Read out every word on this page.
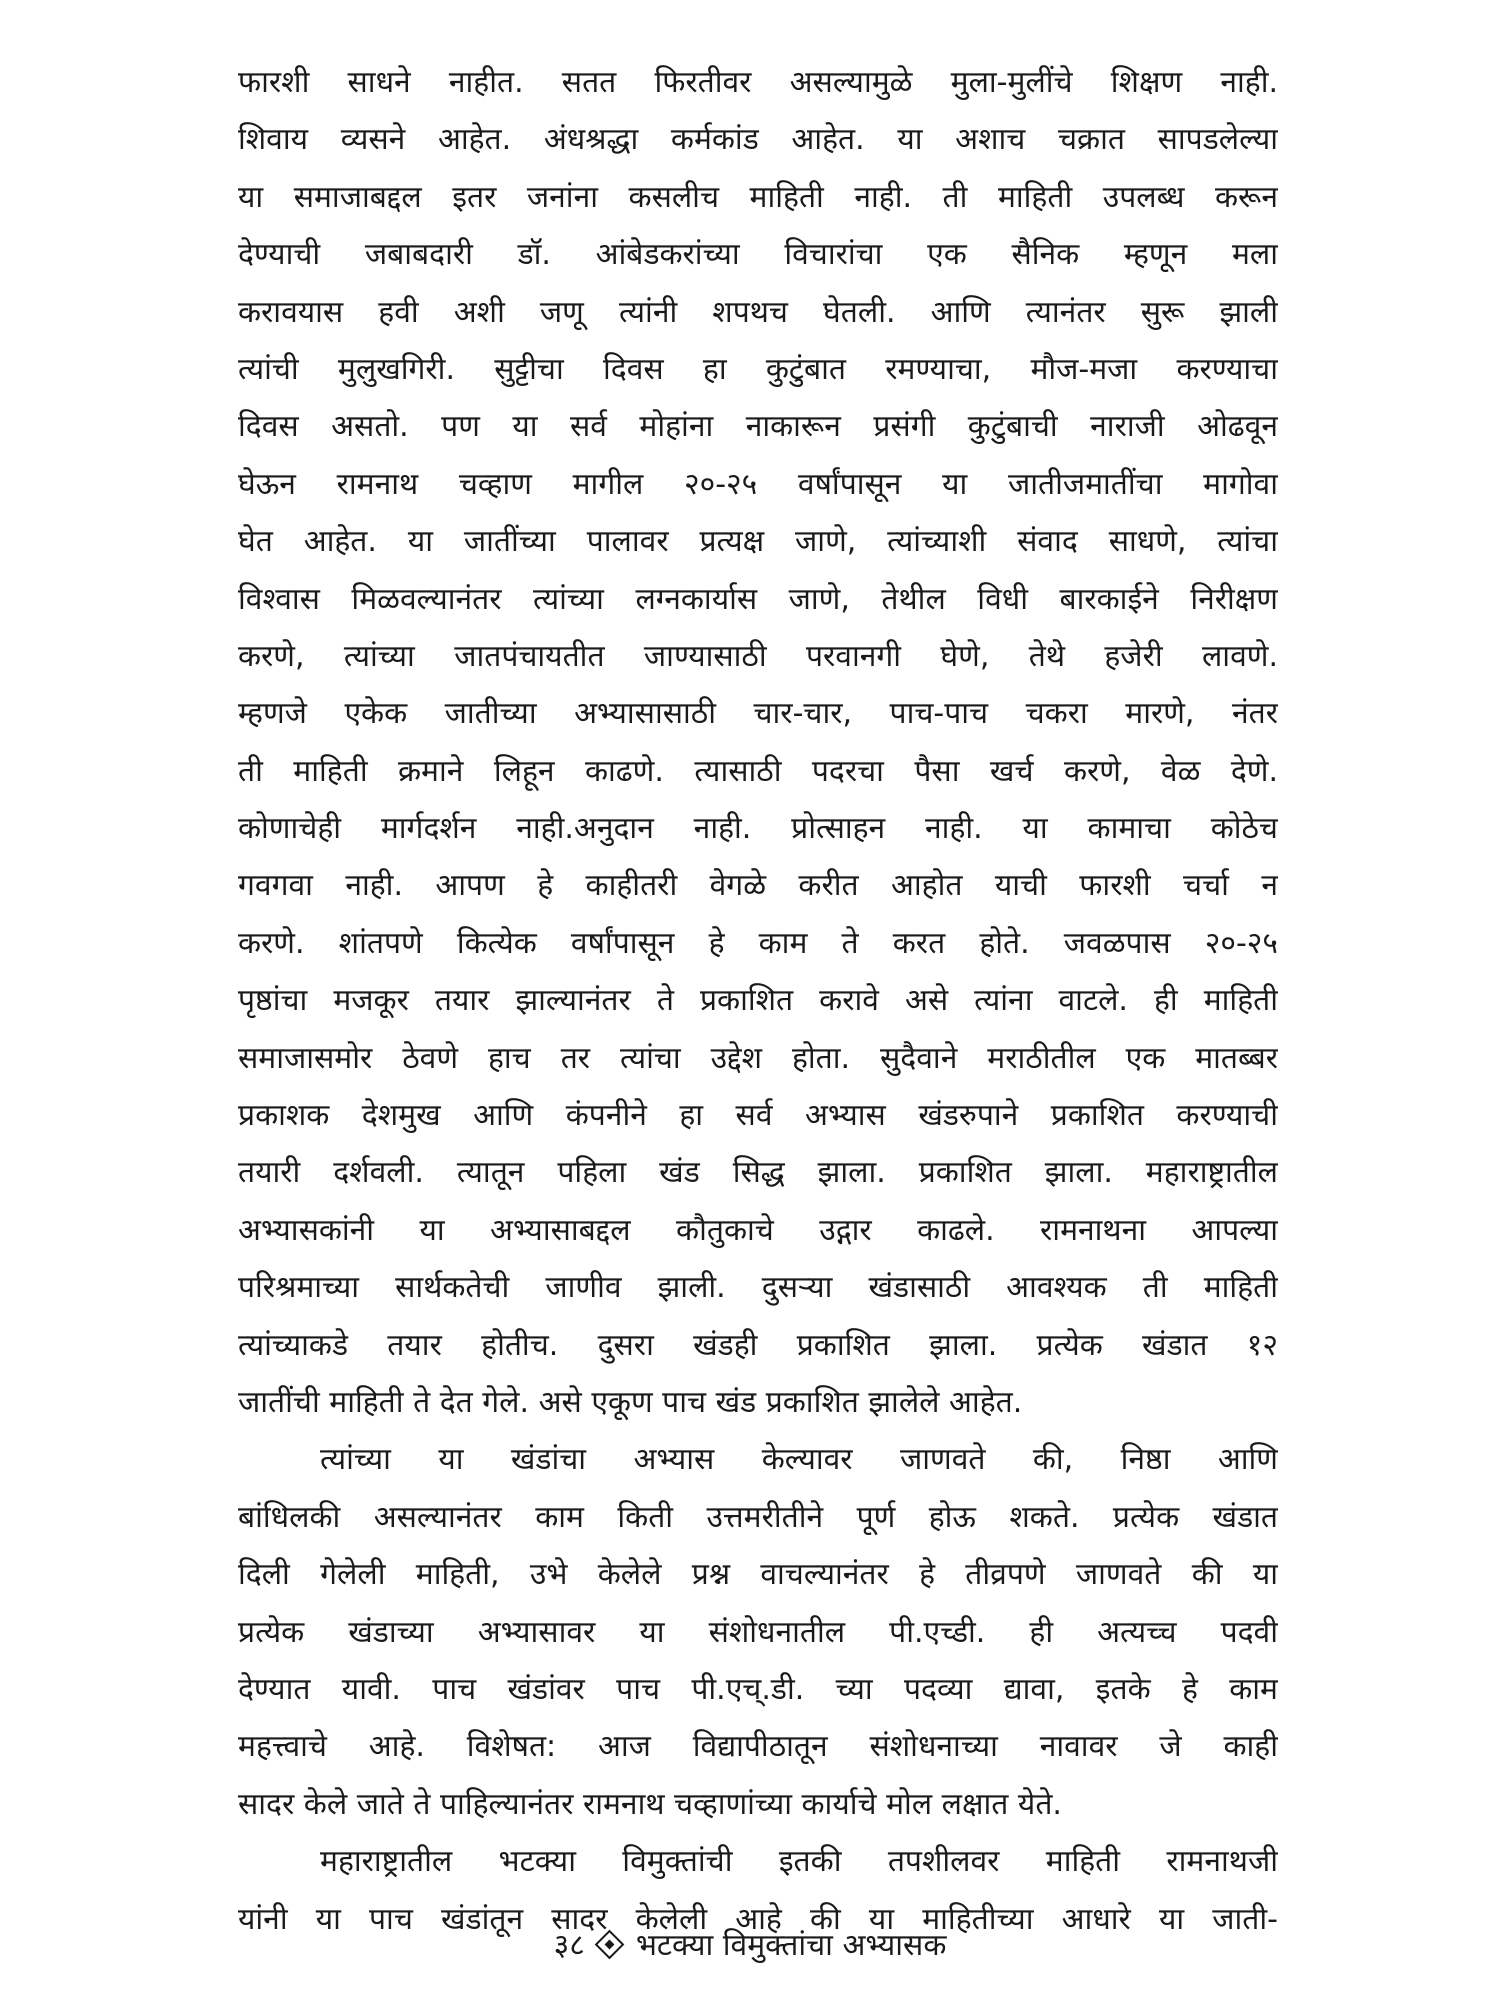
फारशी साधने नाहीत. सतत फिरतीवर असल्यामुळे मुला-मुलींचे शिक्षण नाही.
शिवाय व्यसने आहेत. अंधश्रद्धा कर्मकांड आहेत. या अशाच चक्रात सापडलेल्या
या समाजाबद्दल इतर जनांना कसलीच माहिती नाही. ती माहिती उपलब्ध करून
देण्याची जबाबदारी डॉ. आंबेडकरांच्या विचारांचा एक सैनिक म्हणून मला
करावयास हवी अशी जणू त्यांनी शपथच घेतली. आणि त्यानंतर सुरू झाली
त्यांची मुलुखगिरी. सुट्टीचा दिवस हा कुटुंबात रमण्याचा, मौज-मजा करण्याचा
दिवस असतो. पण या सर्व मोहांना नाकारून प्रसंगी कुटुंबाची नाराजी ओढवून
घेऊन रामनाथ चव्हाण मागील २०-२५ वर्षांपासून या जातीजमातींचा मागोवा
घेत आहेत. या जातींच्या पालावर प्रत्यक्ष जाणे, त्यांच्याशी संवाद साधणे, त्यांचा
विश्वास मिळवल्यानंतर त्यांच्या लग्नकार्यास जाणे, तेथील विधी बारकाईने निरीक्षण
करणे, त्यांच्या जातपंचायतीत जाण्यासाठी परवानगी घेणे, तेथे हजेरी लावणे.
म्हणजे एकेक जातीच्या अभ्यासासाठी चार-चार, पाच-पाच चकरा मारणे, नंतर
ती माहिती क्रमाने लिहून काढणे. त्यासाठी पदरचा पैसा खर्च करणे, वेळ देणे.
कोणाचेही मार्गदर्शन नाही.अनुदान नाही. प्रोत्साहन नाही. या कामाचा कोठेच
गवगवा नाही. आपण हे काहीतरी वेगळे करीत आहोत याची फारशी चर्चा न
करणे. शांतपणे कित्येक वर्षांपासून हे काम ते करत होते. जवळपास २०-२५
पृष्ठांचा मजकूर तयार झाल्यानंतर ते प्रकाशित करावे असे त्यांना वाटले. ही माहिती
समाजासमोर ठेवणे हाच तर त्यांचा उद्देश होता. सुदैवाने मराठीतील एक मातब्बर
प्रकाशक देशमुख आणि कंपनीने हा सर्व अभ्यास खंडरुपाने प्रकाशित करण्याची
तयारी दर्शवली. त्यातून पहिला खंड सिद्ध झाला. प्रकाशित झाला. महाराष्ट्रातील
अभ्यासकांनी या अभ्यासाबद्दल कौतुकाचे उद्गार काढले. रामनाथना आपल्या
परिश्रमाच्या सार्थकतेची जाणीव झाली. दुसऱ्या खंडासाठी आवश्यक ती माहिती
त्यांच्याकडे तयार होतीच. दुसरा खंडही प्रकाशित झाला. प्रत्येक खंडात १२
जातींची माहिती ते देत गेले. असे एकूण पाच खंड प्रकाशित झालेले आहेत.
त्यांच्या या खंडांचा अभ्यास केल्यावर जाणवते की, निष्ठा आणि
बांधिलकी असल्यानंतर काम किती उत्तमरीतीने पूर्ण होऊ शकते. प्रत्येक खंडात
दिली गेलेली माहिती, उभे केलेले प्रश्न वाचल्यानंतर हे तीव्रपणे जाणवते की या
प्रत्येक खंडाच्या अभ्यासावर या संशोधनातील पी.एच्डी. ही अत्यच्च पदवी
देण्यात यावी. पाच खंडांवर पाच पी.एच्.डी. च्या पदव्या द्यावा, इतके हे काम
महत्त्वाचे आहे. विशेषत: आज विद्यापीठातून संशोधनाच्या नावावर जे काही
सादर केले जाते ते पाहिल्यानंतर रामनाथ चव्हाणांच्या कार्याचे मोल लक्षात येते.
महाराष्ट्रातील भटक्या विमुक्तांची इतकी तपशीलवर माहिती रामनाथजी
यांनी या पाच खंडांतून सादर केलेली आहे की या माहितीच्या आधारे या जाती-
३८ भटक्या विमुक्तांचा अभ्यासक
